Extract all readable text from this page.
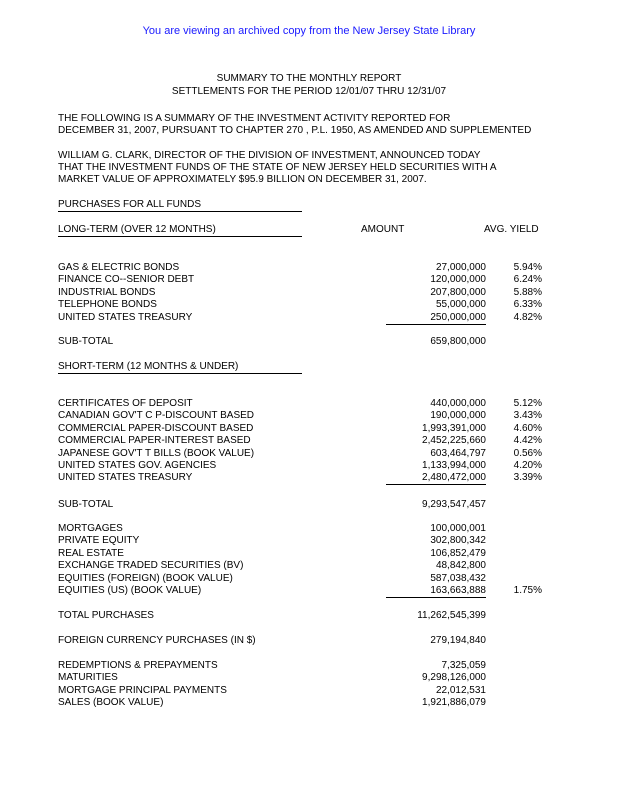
You are viewing an archived copy from the New Jersey State Library
SUMMARY TO THE MONTHLY REPORT
SETTLEMENTS FOR THE PERIOD 12/01/07 THRU 12/31/07
THE FOLLOWING IS A SUMMARY OF THE INVESTMENT ACTIVITY REPORTED FOR
DECEMBER 31, 2007, PURSUANT TO CHAPTER 270 , P.L. 1950, AS AMENDED AND SUPPLEMENTED
WILLIAM G. CLARK, DIRECTOR OF THE DIVISION OF INVESTMENT, ANNOUNCED TODAY
THAT THE INVESTMENT FUNDS OF THE STATE OF NEW JERSEY HELD SECURITIES WITH A
MARKET VALUE OF APPROXIMATELY $95.9 BILLION ON DECEMBER 31, 2007.
PURCHASES FOR ALL FUNDS
LONG-TERM (OVER 12 MONTHS)	AMOUNT	AVG. YIELD
GAS & ELECTRIC BONDS	27,000,000	5.94%
FINANCE CO--SENIOR DEBT	120,000,000	6.24%
INDUSTRIAL BONDS	207,800,000	5.88%
TELEPHONE BONDS	55,000,000	6.33%
UNITED STATES TREASURY	250,000,000	4.82%
SUB-TOTAL	659,800,000
SHORT-TERM (12 MONTHS & UNDER)
CERTIFICATES OF DEPOSIT	440,000,000	5.12%
CANADIAN GOV'T C P-DISCOUNT BASED	190,000,000	3.43%
COMMERCIAL PAPER-DISCOUNT BASED	1,993,391,000	4.60%
COMMERCIAL PAPER-INTEREST BASED	2,452,225,660	4.42%
JAPANESE GOV'T T BILLS (BOOK VALUE)	603,464,797	0.56%
UNITED STATES GOV. AGENCIES	1,133,994,000	4.20%
UNITED STATES TREASURY	2,480,472,000	3.39%
SUB-TOTAL	9,293,547,457
MORTGAGES	100,000,001
PRIVATE EQUITY	302,800,342
REAL ESTATE	106,852,479
EXCHANGE TRADED SECURITIES (BV)	48,842,800
EQUITIES (FOREIGN) (BOOK VALUE)	587,038,432
EQUITIES (US) (BOOK VALUE)	163,663,888	1.75%
TOTAL PURCHASES	11,262,545,399
FOREIGN CURRENCY PURCHASES (IN $)	279,194,840
REDEMPTIONS & PREPAYMENTS	7,325,059
MATURITIES	9,298,126,000
MORTGAGE PRINCIPAL PAYMENTS	22,012,531
SALES (BOOK VALUE)	1,921,886,079
